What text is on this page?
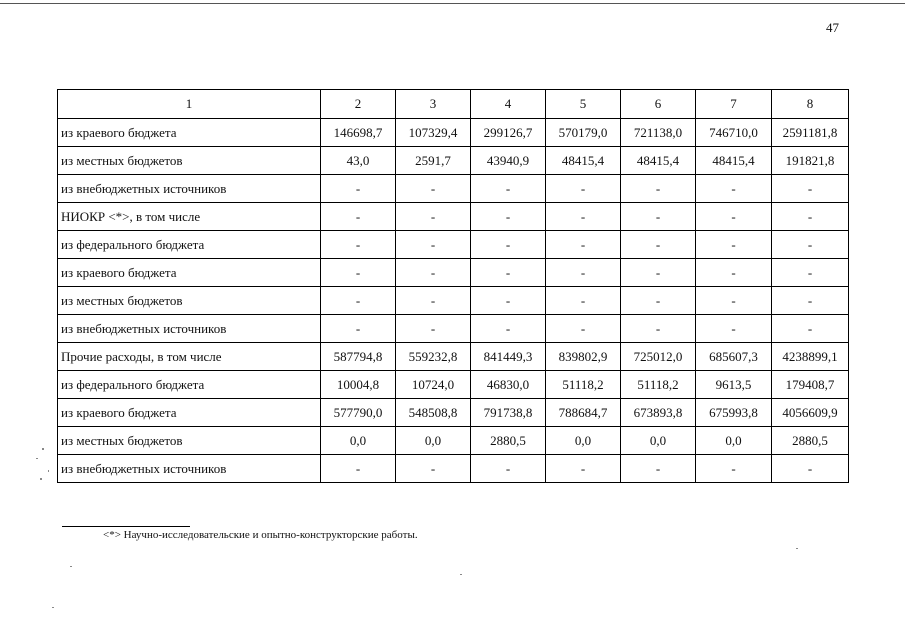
47
1	2	3	4	5	6	7	8
из краевого бюджета	146698,7	107329,4	299126,7	570179,0	721138,0	746710,0	2591181,8
из местных бюджетов	43,0	2591,7	43940,9	48415,4	48415,4	48415,4	191821,8
из внебюджетных источников	-	-	-	-	-	-	-
НИОКР <*>, в том числе	-	-	-	-	-	-	-
из федерального бюджета	-	-	-	-	-	-	-
из краевого бюджета	-	-	-	-	-	-	-
из местных бюджетов	-	-	-	-	-	-	-
из внебюджетных источников	-	-	-	-	-	-	-
Прочие расходы, в том числе	587794,8	559232,8	841449,3	839802,9	725012,0	685607,3	4238899,1
из федерального бюджета	10004,8	10724,0	46830,0	51118,2	51118,2	9613,5	179408,7
из краевого бюджета	577790,0	548508,8	791738,8	788684,7	673893,8	675993,8	4056609,9
из местных бюджетов	0,0	0,0	2880,5	0,0	0,0	0,0	2880,5
из внебюджетных источников	-	-	-	-	-	-	-
<*> Научно-исследовательские и опытно-конструкторские работы.
